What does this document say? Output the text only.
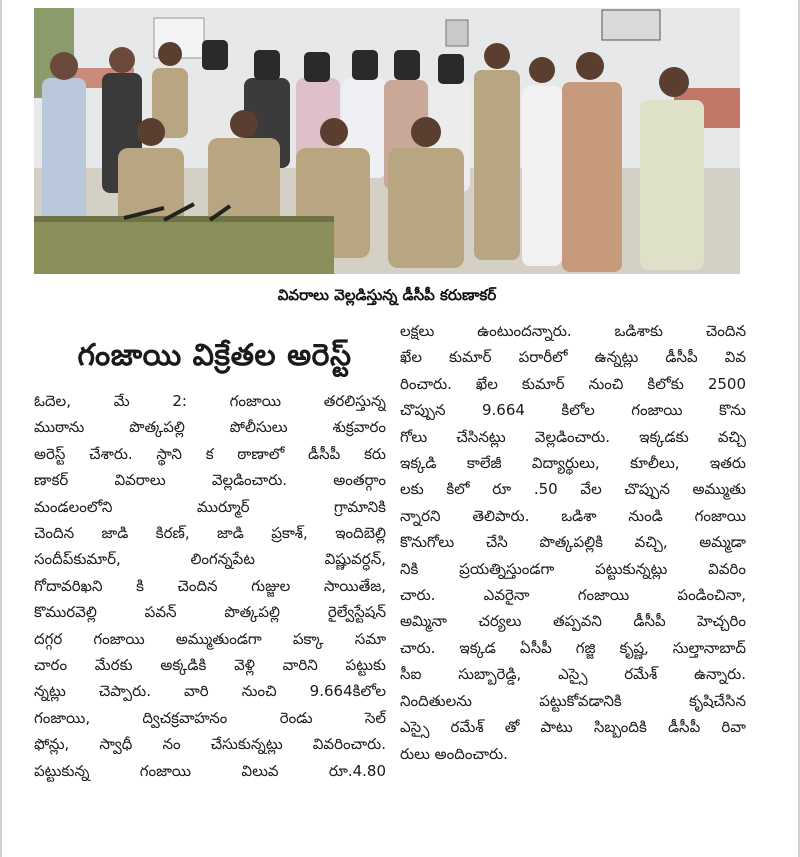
వివరాలు వెల్లడిస్తున్న డీసీపీ కరుణాకర్
గంజాయి విక్రేతల అరెస్ట్
ఓదెల, మే 2: గంజాయి తరలిస్తున్న
ముఠాను పొత్కపల్లి పోలీసులు శుక్రవారం
అరెస్ట్ చేశారు. స్థాని క ఠాణాలో డీసీపీ కరు
ణాకర్ వివరాలు వెల్లడించారు. అంతర్గాం
మండలంలోని ముర్మూర్ గ్రామానికి
చెందిన జాడి కిరణ్, జాడి ప్రకాశ్, ఇందిబెల్లి
సందీప్‌కుమార్, లింగన్నపేట విష్ణువర్ధన్,
గోదావరిఖని కి చెందిన గుజ్జుల సాయితేజ,
కొమురవెల్లి పవన్ పొత్కపల్లి రైల్వేస్టేషన్
దగ్గర గంజాయి అమ్ముతుండగా పక్కా సమా
చారం మేరకు అక్కడికి వెళ్లి వారిని పట్టుకు
న్నట్లు చెప్పారు. వారి నుంచి 9.664కిలోల
గంజాయి, ద్విచక్రవాహనం రెండు సెల్
ఫోన్లు, స్వాధీ నం చేసుకున్నట్లు వివరించారు.
పట్టుకున్న గంజాయి విలువ రూ.4.80
లక్షలు ఉంటుందన్నారు. ఒడిశాకు చెందిన
ఖేల కుమార్ పరారీలో ఉన్నట్లు డీసీపీ వివ
రించారు. ఖేల కుమార్ నుంచి కిలోకు 2500
చొప్పున 9.664 కిలోల గంజాయి కొను
గోలు చేసినట్లు వెల్లడించారు. ఇక్కడకు వచ్చి
ఇక్కడి కాలేజీ విద్యార్థులు, కూలీలు, ఇతరు
లకు కిలో రూ .50 వేల చొప్పున అమ్ముతు
న్నారని తెలిపారు. ఒడిశా నుండి గంజాయి
కొనుగోలు చేసి పొత్కపల్లికి వచ్చి, అమ్మడా
నికి ప్రయత్నిస్తుండగా పట్టుకున్నట్లు వివరిం
చారు. ఎవరైనా గంజాయి పండించినా,
అమ్మినా చర్యలు తప్పవని డీసీపీ హెచ్చరిం
చారు. ఇక్కడ ఏసీపీ గజ్జి కృష్ణ, సుల్తానాబాద్
సీఐ సుబ్బారెడ్డి, ఎస్సై రమేశ్ ఉన్నారు.
నిందితులను పట్టుకోవడానికి కృషిచేసిన
ఎస్సై రమేశ్ తో పాటు సిబ్బందికి డీసీపీ రివా
రులు అందించారు.
